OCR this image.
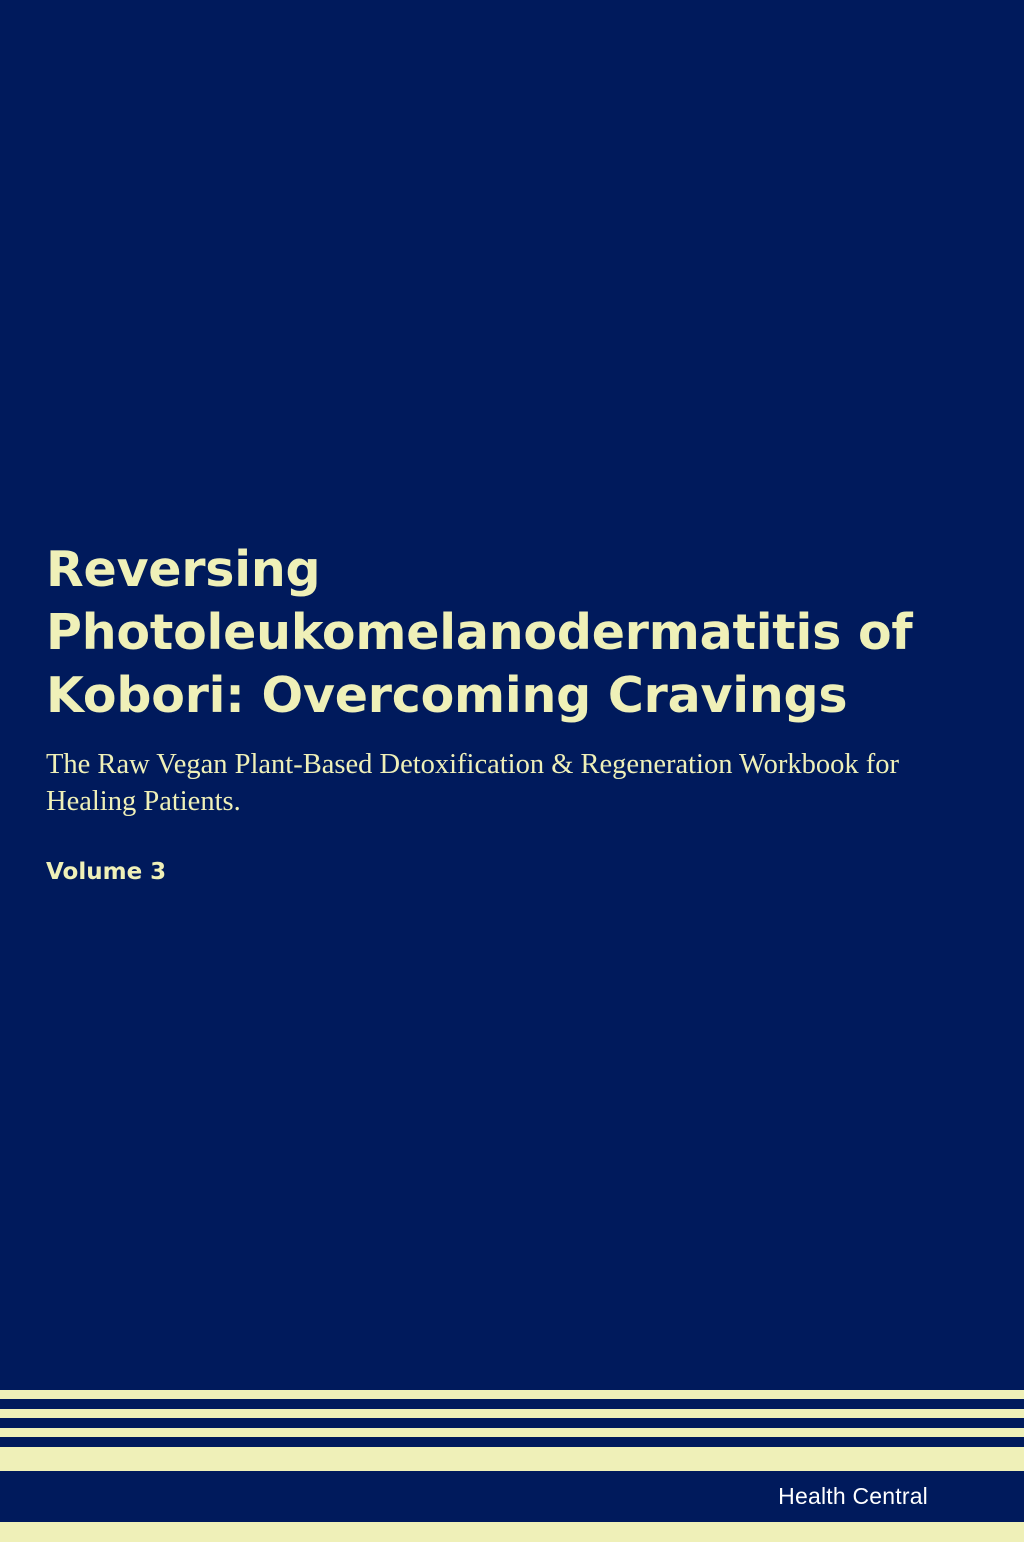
Reversing Photoleukomelanodermatitis of Kobori: Overcoming Cravings

The Raw Vegan Plant-Based Detoxification & Regeneration Workbook for Healing Patients.

Volume 3

Health Central
